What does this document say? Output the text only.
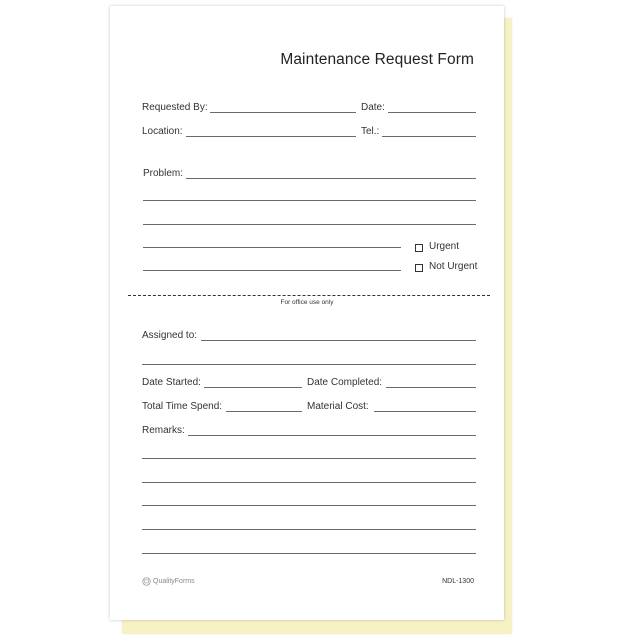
Maintenance Request Form
Requested By:	Date:
Location:	Tel.:
Problem:
Urgent
Not Urgent
For office use only
Assigned to:
Date Started:	Date Completed:
Total Time Spend:	Material Cost:
Remarks:
QualityForms	NDL-1300
